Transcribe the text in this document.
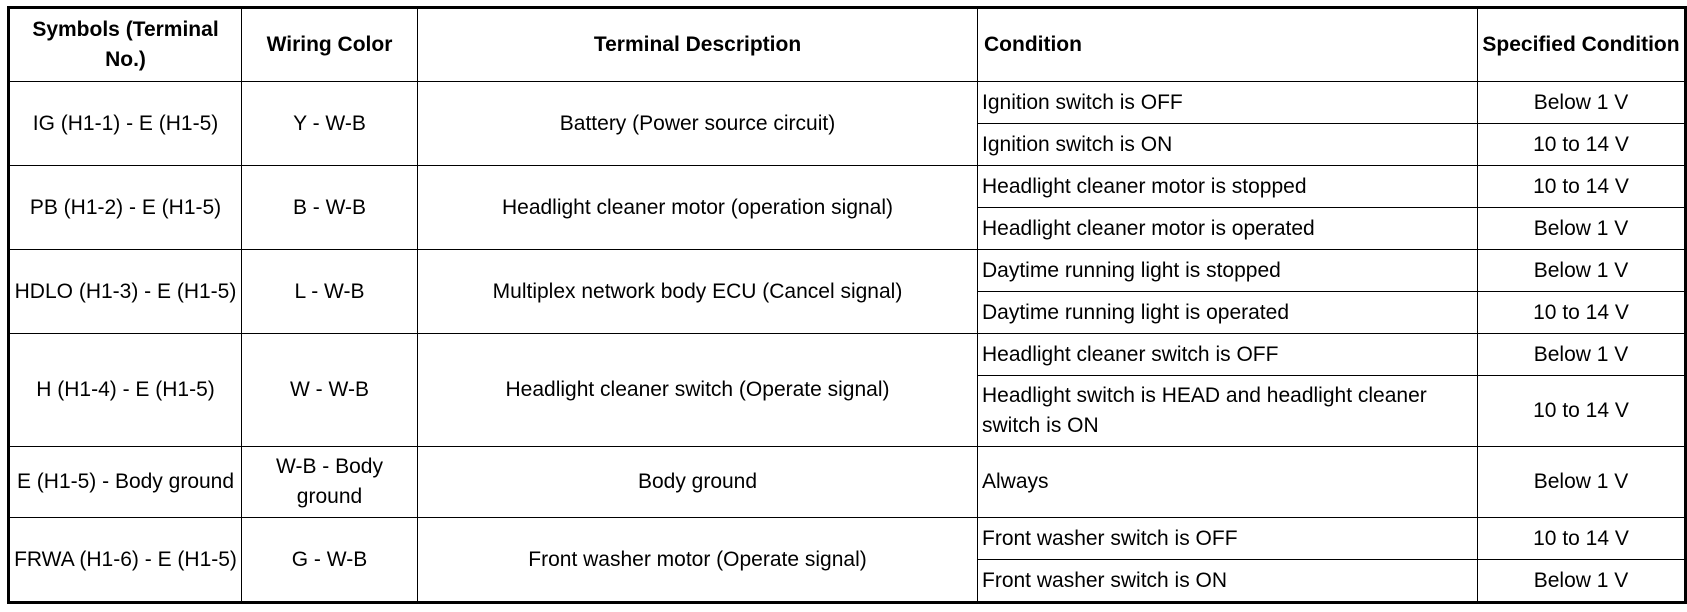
Symbols (Terminal No.)	Wiring Color	Terminal Description	Condition	Specified Condition
IG (H1-1) - E (H1-5)	Y - W-B	Battery (Power source circuit)	Ignition switch is OFF	Below 1 V
			Ignition switch is ON	10 to 14 V
PB (H1-2) - E (H1-5)	B - W-B	Headlight cleaner motor (operation signal)	Headlight cleaner motor is stopped	10 to 14 V
			Headlight cleaner motor is operated	Below 1 V
HDLO (H1-3) - E (H1-5)	L - W-B	Multiplex network body ECU (Cancel signal)	Daytime running light is stopped	Below 1 V
			Daytime running light is operated	10 to 14 V
H (H1-4) - E (H1-5)	W - W-B	Headlight cleaner switch (Operate signal)	Headlight cleaner switch is OFF	Below 1 V
			Headlight switch is HEAD and headlight cleaner switch is ON	10 to 14 V
E (H1-5) - Body ground	W-B - Body ground	Body ground	Always	Below 1 V
FRWA (H1-6) - E (H1-5)	G - W-B	Front washer motor (Operate signal)	Front washer switch is OFF	10 to 14 V
			Front washer switch is ON	Below 1 V
